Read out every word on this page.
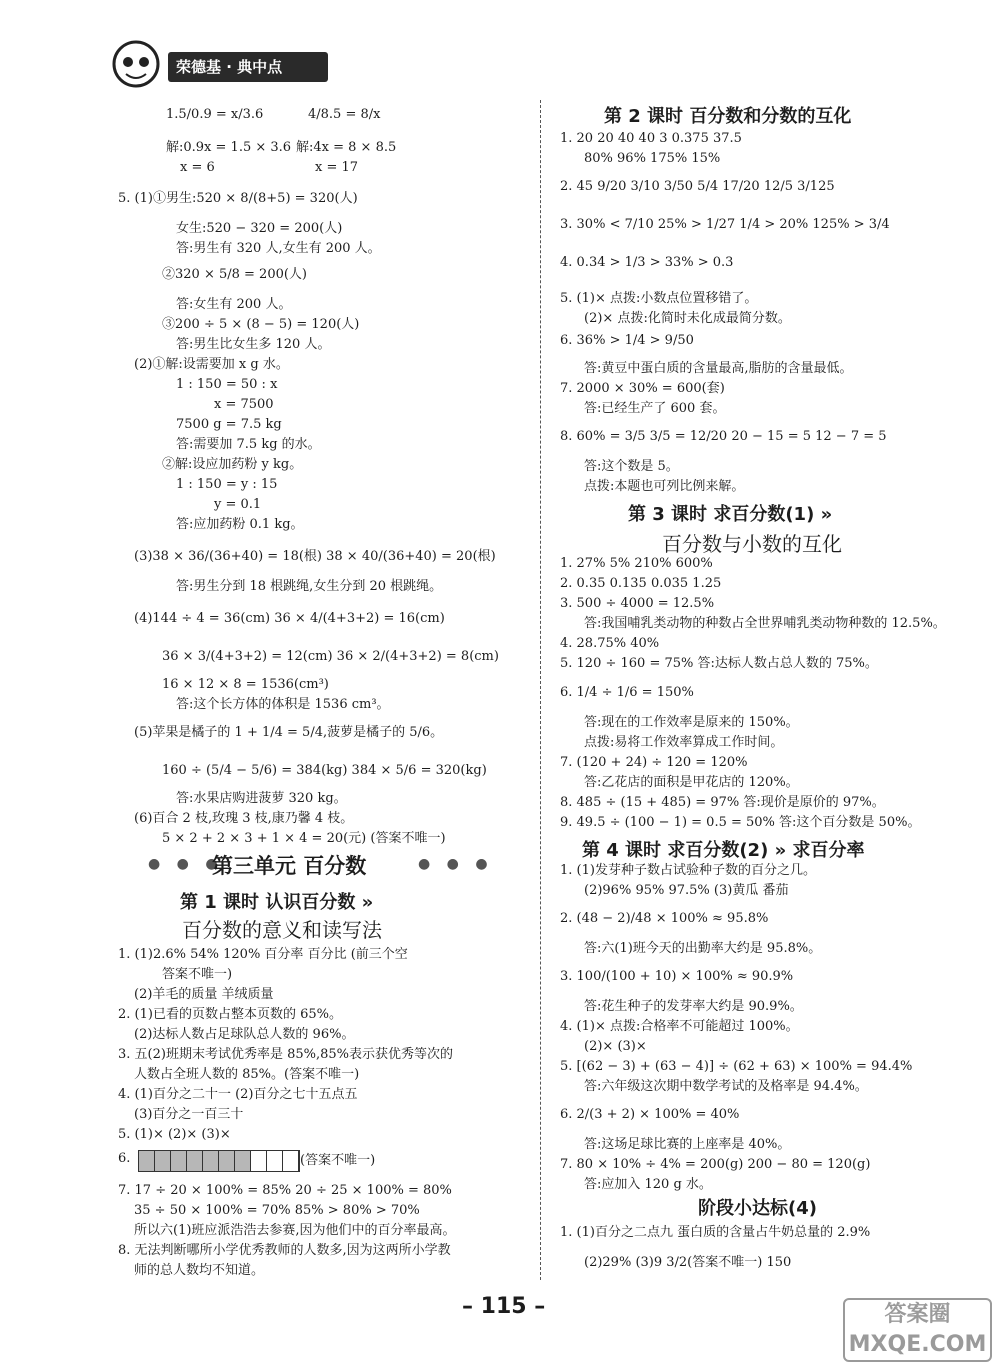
荣德基 · 典中点
● ● ●
第三单元 百分数	● ● ●
第 1 课时 认识百分数 »
百分数的意义和读写法
1.5/0.9 = x/3.6	4/8.5 = 8/x
解:0.9x = 1.5 × 3.6 解:4x = 8 × 8.5
x = 6	x = 17
5. (1)①男生:520 × 8/(8+5) = 320(人)
女生:520 − 320 = 200(人)
答:男生有 320 人,女生有 200 人。
②320 × 5/8 = 200(人)
答:女生有 200 人。
③200 ÷ 5 × (8 − 5) = 120(人)
答:男生比女生多 120 人。
(2)①解:设需要加 x g 水。
1 : 150 = 50 : x
x = 7500
7500 g = 7.5 kg
答:需要加 7.5 kg 的水。
②解:设应加药粉 y kg。
1 : 150 = y : 15
y = 0.1
答:应加药粉 0.1 kg。
(3)38 × 36/(36+40) = 18(根) 38 × 40/(36+40) = 20(根)
答:男生分到 18 根跳绳,女生分到 20 根跳绳。
(4)144 ÷ 4 = 36(cm) 36 × 4/(4+3+2) = 16(cm)
36 × 3/(4+3+2) = 12(cm) 36 × 2/(4+3+2) = 8(cm)
16 × 12 × 8 = 1536(cm³)
答:这个长方体的体积是 1536 cm³。
(5)苹果是橘子的 1 + 1/4 = 5/4,菠萝是橘子的 5/6。
160 ÷ (5/4 − 5/6) = 384(kg) 384 × 5/6 = 320(kg)
答:水果店购进菠萝 320 kg。
(6)百合 2 枝,玫瑰 3 枝,康乃馨 4 枝。
5 × 2 + 2 × 3 + 1 × 4 = 20(元) (答案不唯一)
1. (1)2.6% 54% 120% 百分率 百分比 (前三个空
答案不唯一)
(2)羊毛的质量 羊绒质量
2. (1)已看的页数占整本页数的 65%。
(2)达标人数占足球队总人数的 96%。
3. 五(2)班期末考试优秀率是 85%,85%表示获优秀等次的
人数占全班人数的 85%。(答案不唯一)
4. (1)百分之二十一 (2)百分之七十五点五
(3)百分之一百三十
5. (1)× (2)× (3)×
6.	(答案不唯一)
7. 17 ÷ 20 × 100% = 85% 20 ÷ 25 × 100% = 80%
35 ÷ 50 × 100% = 70% 85% > 80% > 70%
所以六(1)班应派浩浩去参赛,因为他们中的百分率最高。
8. 无法判断哪所小学优秀教师的人数多,因为这两所小学教
师的总人数均不知道。
第 2 课时 百分数和分数的互化
第 3 课时 求百分数(1) »
百分数与小数的互化
第 4 课时 求百分数(2) » 求百分率
阶段小达标(4)
1. 20 20 40 40 3 0.375 37.5
80% 96% 175% 15%
2. 45 9/20 3/10 3/50 5/4 17/20 12/5 3/125
3. 30% < 7/10 25% > 1/27 1/4 > 20% 125% > 3/4
4. 0.34 > 1/3 > 33% > 0.3
5. (1)× 点拨:小数点位置移错了。
(2)× 点拨:化简时未化成最简分数。
6. 36% > 1/4 > 9/50
答:黄豆中蛋白质的含量最高,脂肪的含量最低。
7. 2000 × 30% = 600(套)
答:已经生产了 600 套。
8. 60% = 3/5 3/5 = 12/20 20 − 15 = 5 12 − 7 = 5
答:这个数是 5。
点拨:本题也可列比例来解。
1. 27% 5% 210% 600%
2. 0.35 0.135 0.035 1.25
3. 500 ÷ 4000 = 12.5%
答:我国哺乳类动物的种数占全世界哺乳类动物种数的 12.5%。
4. 28.75% 40%
5. 120 ÷ 160 = 75% 答:达标人数占总人数的 75%。
6. 1/4 ÷ 1/6 = 150%
答:现在的工作效率是原来的 150%。
点拨:易将工作效率算成工作时间。
7. (120 + 24) ÷ 120 = 120%
答:乙花店的面积是甲花店的 120%。
8. 485 ÷ (15 + 485) = 97% 答:现价是原价的 97%。
9. 49.5 ÷ (100 − 1) = 0.5 = 50% 答:这个百分数是 50%。
1. (1)发芽种子数占试验种子数的百分之几。
(2)96% 95% 97.5% (3)黄瓜 番茄
2. (48 − 2)/48 × 100% ≈ 95.8%
答:六(1)班今天的出勤率大约是 95.8%。
3. 100/(100 + 10) × 100% ≈ 90.9%
答:花生种子的发芽率大约是 90.9%。
4. (1)× 点拨:合格率不可能超过 100%。
(2)× (3)×
5. [(62 − 3) + (63 − 4)] ÷ (62 + 63) × 100% = 94.4%
答:六年级这次期中数学考试的及格率是 94.4%。
6. 2/(3 + 2) × 100% = 40%
答:这场足球比赛的上座率是 40%。
7. 80 × 10% ÷ 4% = 200(g) 200 − 80 = 120(g)
答:应加入 120 g 水。
1. (1)百分之二点九 蛋白质的含量占牛奶总量的 2.9%
(2)29% (3)9 3/2(答案不唯一) 150
– 115 –	答案圈 MXQE.COM
